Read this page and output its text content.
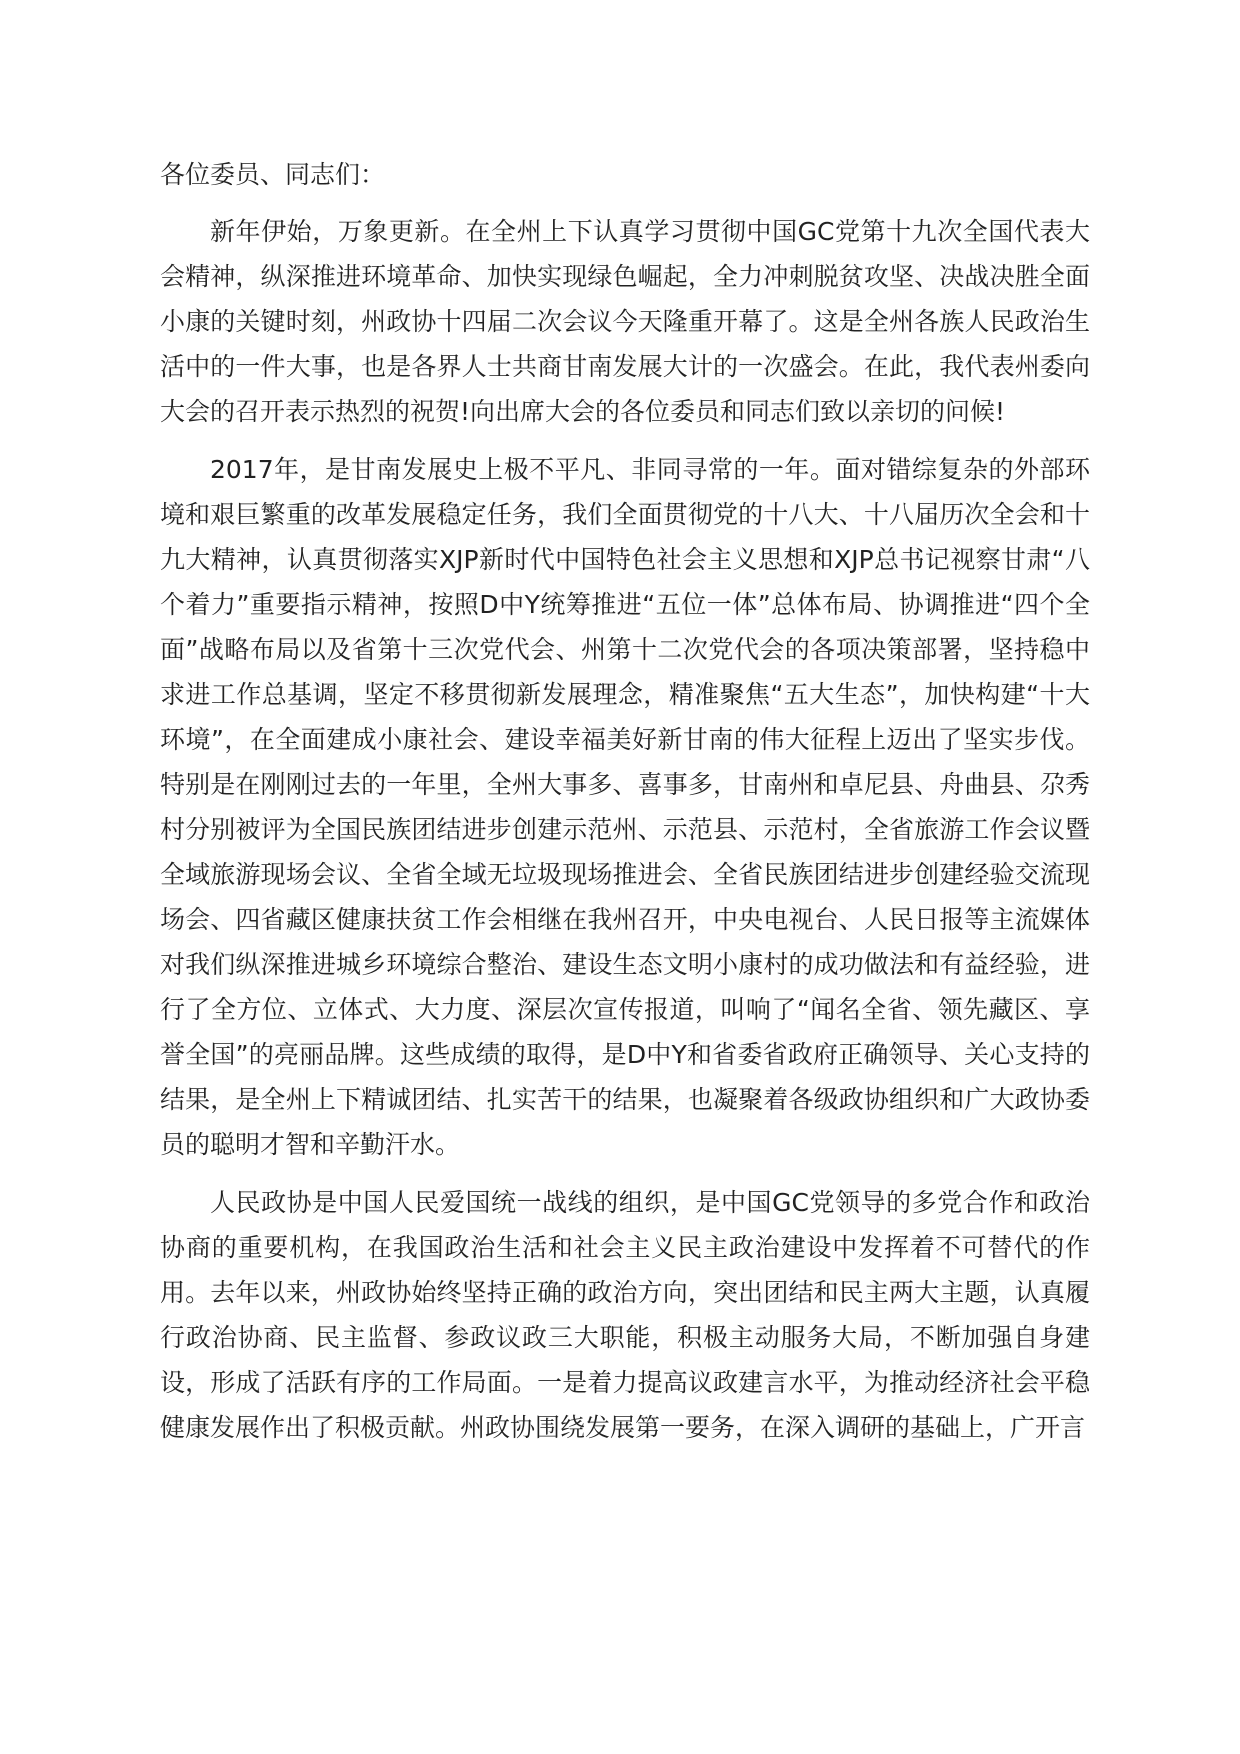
各位委员、同志们：

新年伊始，万象更新。在全州上下认真学习贯彻中国GC党第十九次全国代表大会精神，纵深推进环境革命、加快实现绿色崛起，全力冲刺脱贫攻坚、决战决胜全面小康的关键时刻，州政协十四届二次会议今天隆重开幕了。这是全州各族人民政治生活中的一件大事，也是各界人士共商甘南发展大计的一次盛会。在此，我代表州委向大会的召开表示热烈的祝贺!向出席大会的各位委员和同志们致以亲切的问候!

2017年，是甘南发展史上极不平凡、非同寻常的一年。面对错综复杂的外部环境和艰巨繁重的改革发展稳定任务，我们全面贯彻党的十八大、十八届历次全会和十九大精神，认真贯彻落实XJP新时代中国特色社会主义思想和XJP总书记视察甘肃“八个着力”重要指示精神，按照D中Y统筹推进“五位一体”总体布局、协调推进“四个全面”战略布局以及省第十三次党代会、州第十二次党代会的各项决策部署，坚持稳中求进工作总基调，坚定不移贯彻新发展理念，精准聚焦“五大生态”，加快构建“十大环境”，在全面建成小康社会、建设幸福美好新甘南的伟大征程上迈出了坚实步伐。特别是在刚刚过去的一年里，全州大事多、喜事多，甘南州和卓尼县、舟曲县、尕秀村分别被评为全国民族团结进步创建示范州、示范县、示范村，全省旅游工作会议暨全域旅游现场会议、全省全域无垃圾现场推进会、全省民族团结进步创建经验交流现场会、四省藏区健康扶贫工作会相继在我州召开，中央电视台、人民日报等主流媒体对我们纵深推进城乡环境综合整治、建设生态文明小康村的成功做法和有益经验，进行了全方位、立体式、大力度、深层次宣传报道，叫响了“闻名全省、领先藏区、享誉全国”的亮丽品牌。这些成绩的取得，是D中Y和省委省政府正确领导、关心支持的结果，是全州上下精诚团结、扎实苦干的结果，也凝聚着各级政协组织和广大政协委员的聪明才智和辛勤汗水。

人民政协是中国人民爱国统一战线的组织，是中国GC党领导的多党合作和政治协商的重要机构，在我国政治生活和社会主义民主政治建设中发挥着不可替代的作用。去年以来，州政协始终坚持正确的政治方向，突出团结和民主两大主题，认真履行政治协商、民主监督、参政议政三大职能，积极主动服务大局，不断加强自身建设，形成了活跃有序的工作局面。一是着力提高议政建言水平，为推动经济社会平稳健康发展作出了积极贡献。州政协围绕发展第一要务，在深入调研的基础上，广开言
